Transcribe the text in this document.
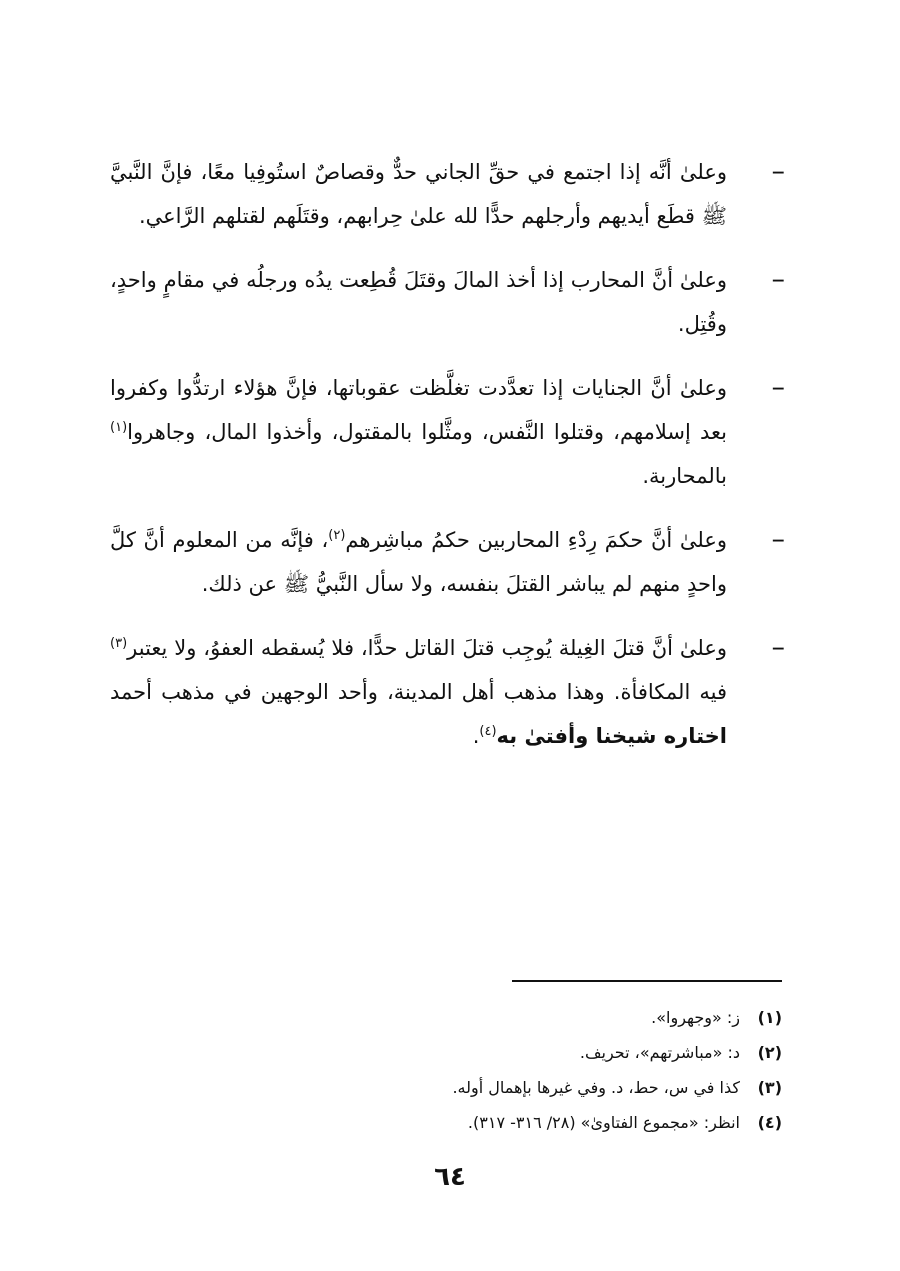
–
وعلىٰ أنَّه إذا اجتمع في حقِّ الجاني حدٌّ وقصاصٌ استُوفِيا معًا، فإنَّ النَّبيَّ ﷺ قطَع أيديهم وأرجلهم حدًّا لله علىٰ حِرابهم، وقتَلَهم لقتلهم الرَّاعي.
–
وعلىٰ أنَّ المحارب إذا أخذ المالَ وقتَلَ قُطِعت يدُه ورجلُه في مقامٍ واحدٍ، وقُتِل.
–
وعلىٰ أنَّ الجنايات إذا تعدَّدت تغلَّظت عقوباتها، فإنَّ هؤلاء ارتدُّوا وكفروا بعد إسلامهم، وقتلوا النَّفس، ومثَّلوا بالمقتول، وأخذوا المال، وجاهروا$^{(١)}$ بالمحاربة.
–
وعلىٰ أنَّ حكمَ رِدْءِ المحاربين حكمُ مباشِرهم$^{(٢)}$، فإنَّه من المعلوم أنَّ كلَّ واحدٍ منهم لم يباشر القتلَ بنفسه، ولا سأل النَّبيُّ ﷺ عن ذلك.
–
وعلىٰ أنَّ قتلَ الغِيلة يُوجِب قتلَ القاتل حدًّا، فلا يُسقطه العفوُ، ولا يعتبر$^{(٣)}$ فيه المكافأة. وهذا مذهب أهل المدينة، وأحد الوجهين في مذهب أحمد اختاره شيخنا وأفتىٰ به$^{(٤)}$.
(١)ز: «وجهروا».
(٢)د: «مباشرتهم»، تحريف.
(٣)كذا في س، حط، د. وفي غيرها بإهمال أوله.
(٤)انظر: «مجموع الفتاوىٰ» (٢٨/ ٣١٦- ٣١٧).
٦٤
